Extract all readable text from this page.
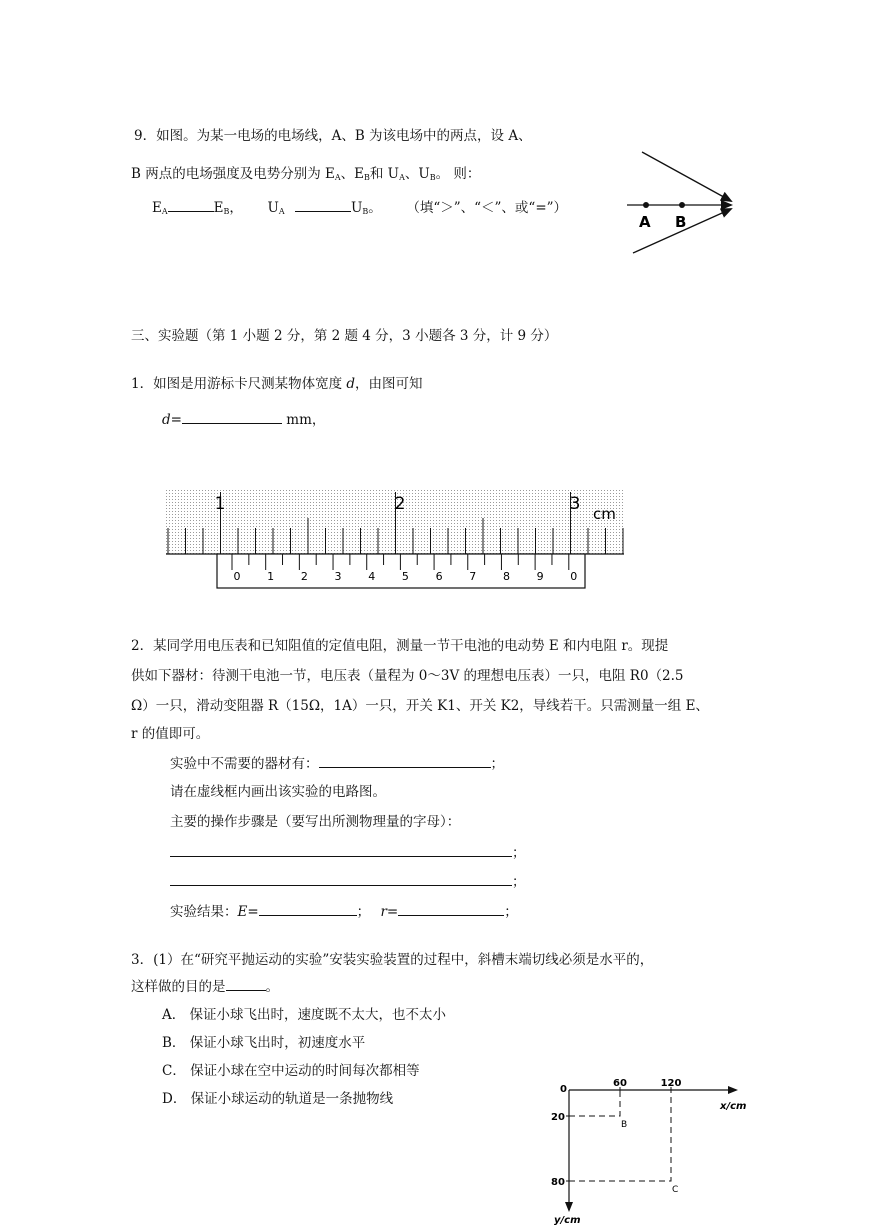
9．如图。为某一电场的电场线，A、B 为该电场中的两点，设 A、
B 两点的电场强度及电势分别为 $E_A$、$E_B$和 $U_A$、$U_B$。 则：
$E_A$	$E_B$， $U_A$	$U_B$。 （填“＞”、“＜”、或“=”）
A B
三、实验题（第 1 小题 2 分，第 2 题 4 分，3 小题各 3 分，计 9 分）
1．如图是用游标卡尺测某物体宽度 d，由图可知
d=	mm，
1	2	3 cm
0 1 2 3 4 5 6 7 8 9 0
2．某同学用电压表和已知阻值的定值电阻，测量一节干电池的电动势 E 和内电阻 r。现提
供如下器材：待测干电池一节，电压表（量程为 0～3V 的理想电压表）一只，电阻 R0（2.5
Ω）一只，滑动变阻器 R（15Ω，1A）一只，开关 K1、开关 K2，导线若干。只需测量一组 E、
r 的值即可。
实验中不需要的器材有：	；
请在虚线框内画出该实验的电路图。
主要的操作步骤是（要写出所测物理量的字母）：
；
；
实验结果：E=	； r=	；
3．(1）在“研究平抛运动的实验”安装实验装置的过程中，斜槽末端切线必须是水平的，
这样做的目的是	。
A． 保证小球飞出时，速度既不太大，也不太小
B． 保证小球飞出时，初速度水平
C． 保证小球在空中运动的时间每次都相等
D． 保证小球运动的轨道是一条抛物线
0
60	120
20
80
x/cm
y/cm
B
C
